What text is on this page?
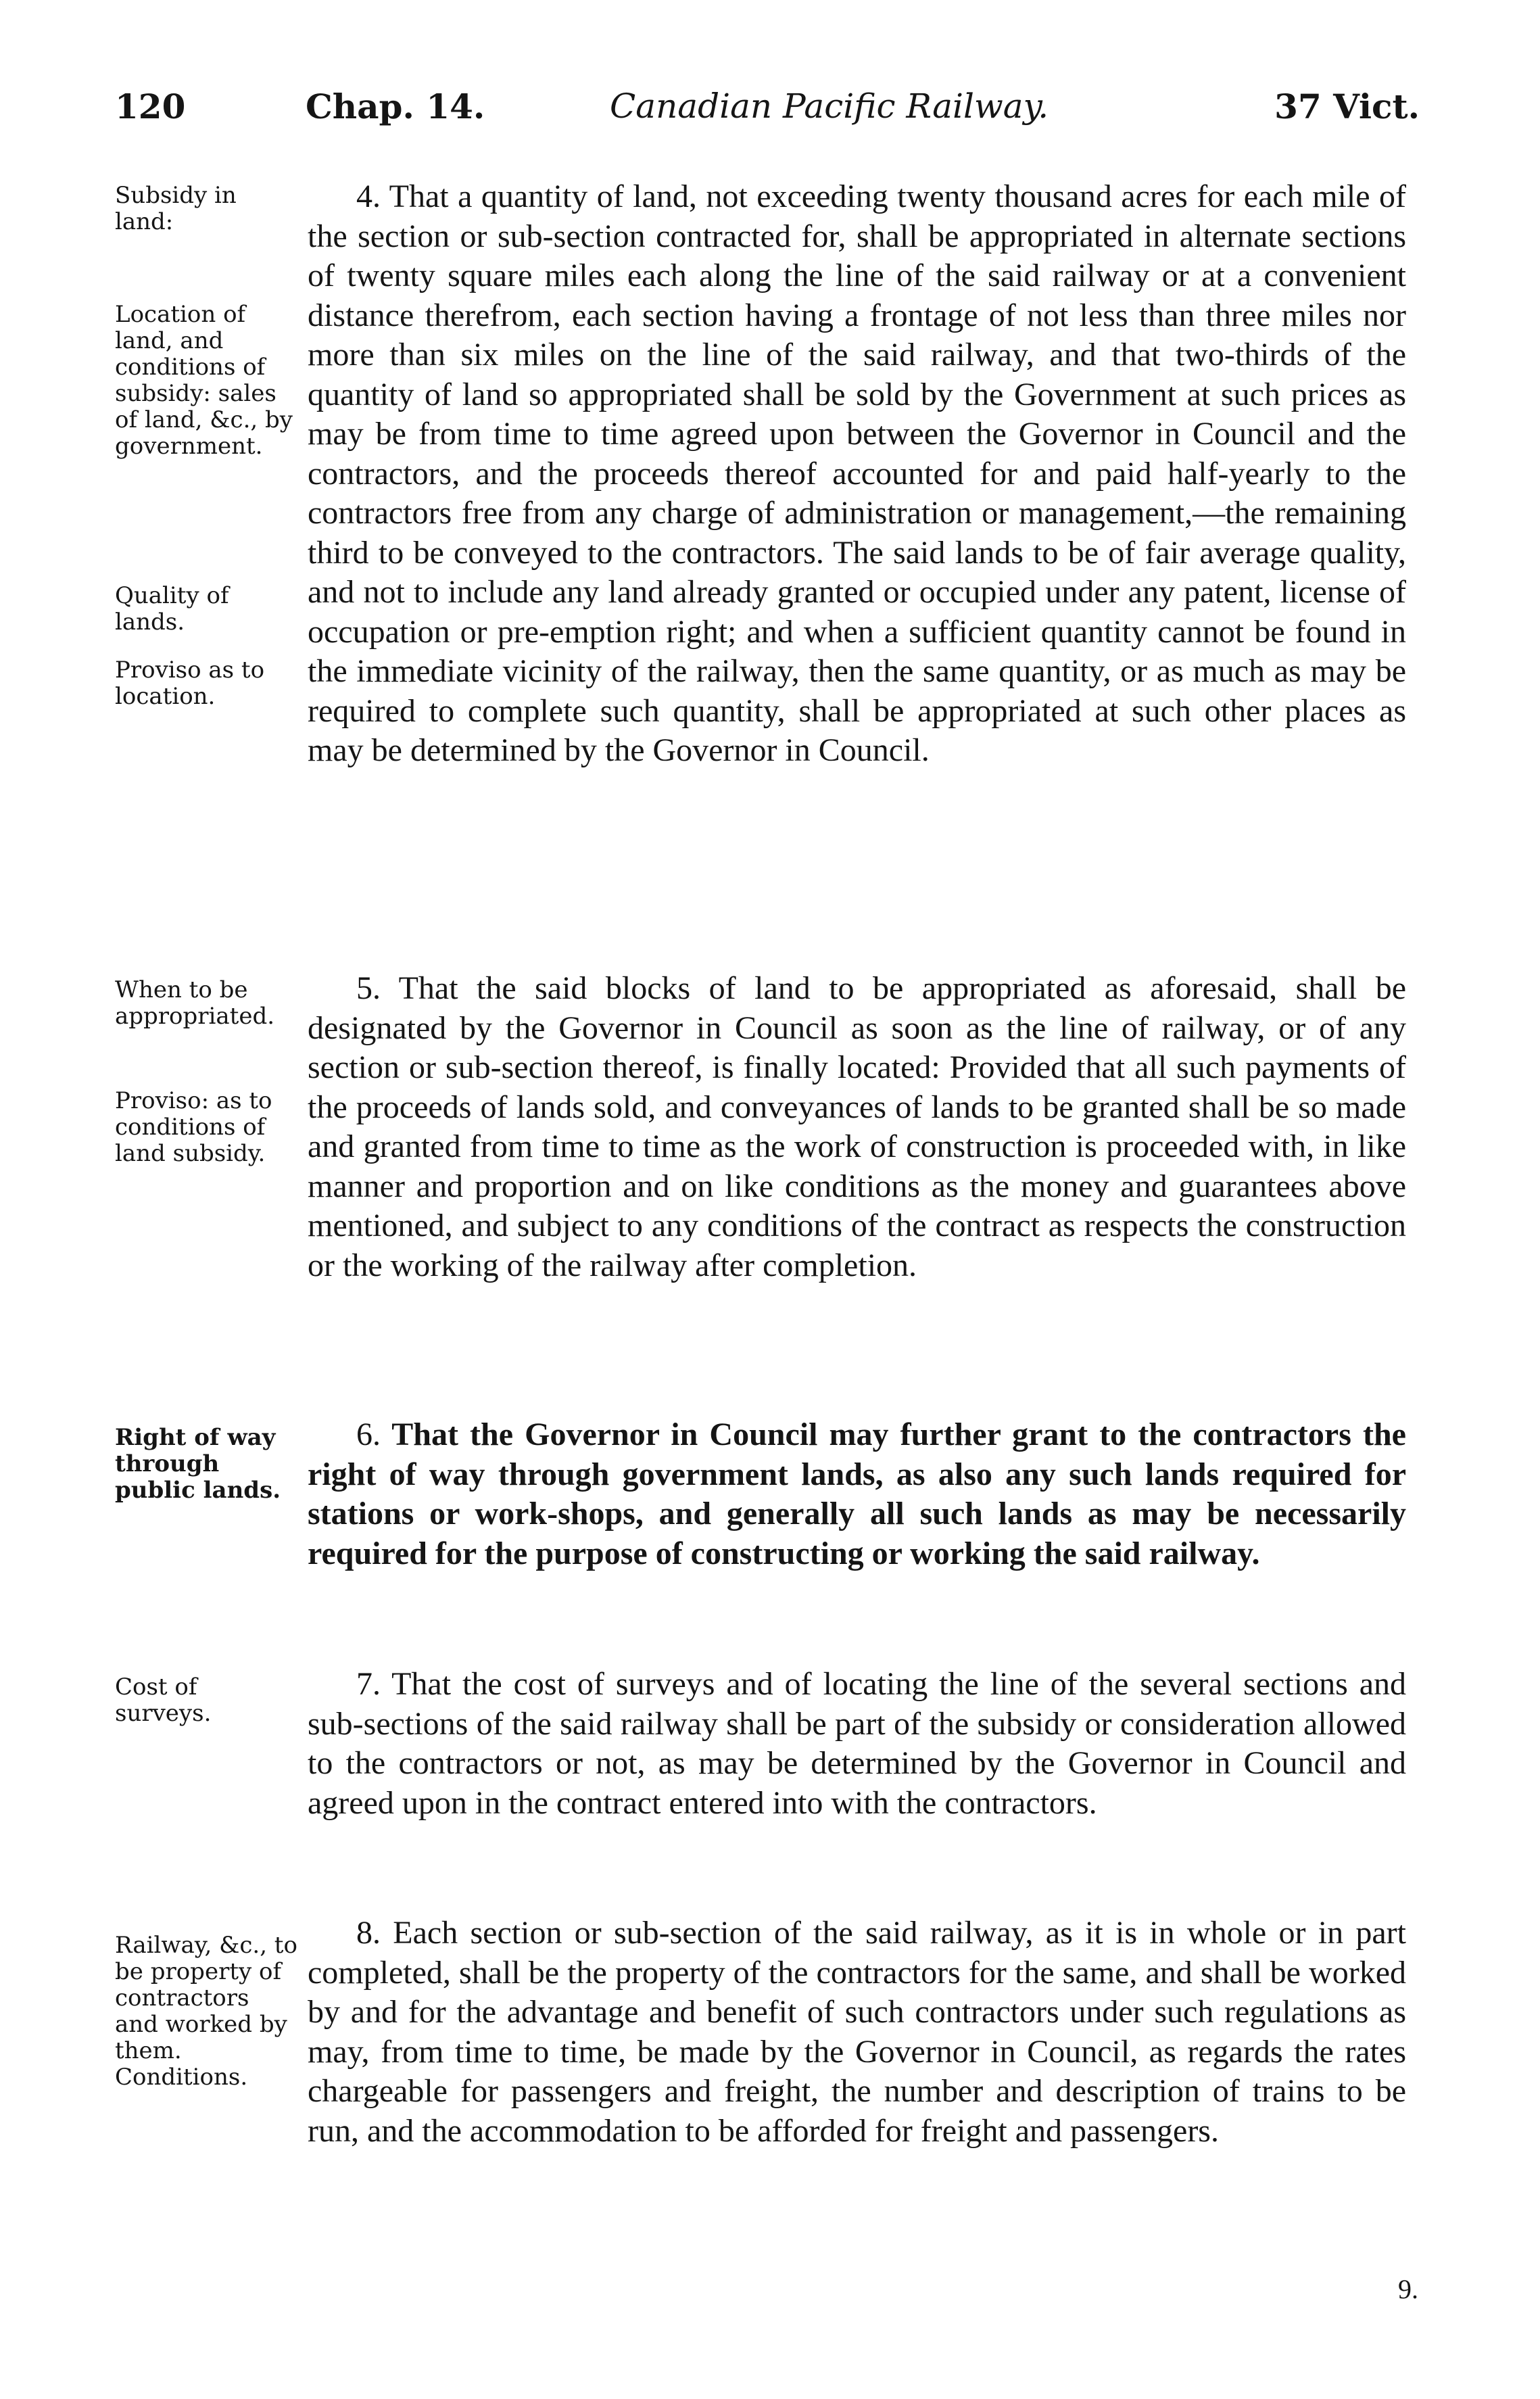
120	Chap. 14.	Canadian Pacific Railway.	37 Vict.

Subsidy in land:

Location of land, and conditions of subsidy: sales of land, &c., by government.

Quality of lands.

Proviso as to location.

4. That a quantity of land, not exceeding twenty thousand acres for each mile of the section or sub-section contracted for, shall be appropriated in alternate sections of twenty square miles each along the line of the said railway or at a convenient distance therefrom, each section having a frontage of not less than three miles nor more than six miles on the line of the said railway, and that two-thirds of the quantity of land so appropriated shall be sold by the Government at such prices as may be from time to time agreed upon between the Governor in Council and the contractors, and the proceeds thereof accounted for and paid half-yearly to the contractors free from any charge of administration or management,—the remaining third to be conveyed to the contractors. The said lands to be of fair average quality, and not to include any land already granted or occupied under any patent, license of occupation or pre-emption right; and when a sufficient quantity cannot be found in the immediate vicinity of the railway, then the same quantity, or as much as may be required to complete such quantity, shall be appropriated at such other places as may be determined by the Governor in Council.

When to be appropriated.

Proviso: as to conditions of land subsidy.

5. That the said blocks of land to be appropriated as aforesaid, shall be designated by the Governor in Council as soon as the line of railway, or of any section or sub-section thereof, is finally located: Provided that all such payments of the proceeds of lands sold, and conveyances of lands to be granted shall be so made and granted from time to time as the work of construction is proceeded with, in like manner and proportion and on like conditions as the money and guarantees above mentioned, and subject to any conditions of the contract as respects the construction or the working of the railway after completion.

Right of way through public lands.

6. That the Governor in Council may further grant to the contractors the right of way through government lands, as also any such lands required for stations or work-shops, and generally all such lands as may be necessarily required for the purpose of constructing or working the said railway.

Cost of surveys.

7. That the cost of surveys and of locating the line of the several sections and sub-sections of the said railway shall be part of the subsidy or consideration allowed to the contractors or not, as may be determined by the Governor in Council and agreed upon in the contract entered into with the contractors.

Railway, &c., to be property of contractors and worked by them. Conditions.

8. Each section or sub-section of the said railway, as it is in whole or in part completed, shall be the property of the contractors for the same, and shall be worked by and for the advantage and benefit of such contractors under such regulations as may, from time to time, be made by the Governor in Council, as regards the rates chargeable for passengers and freight, the number and description of trains to be run, and the accommodation to be afforded for freight and passengers.

9.
